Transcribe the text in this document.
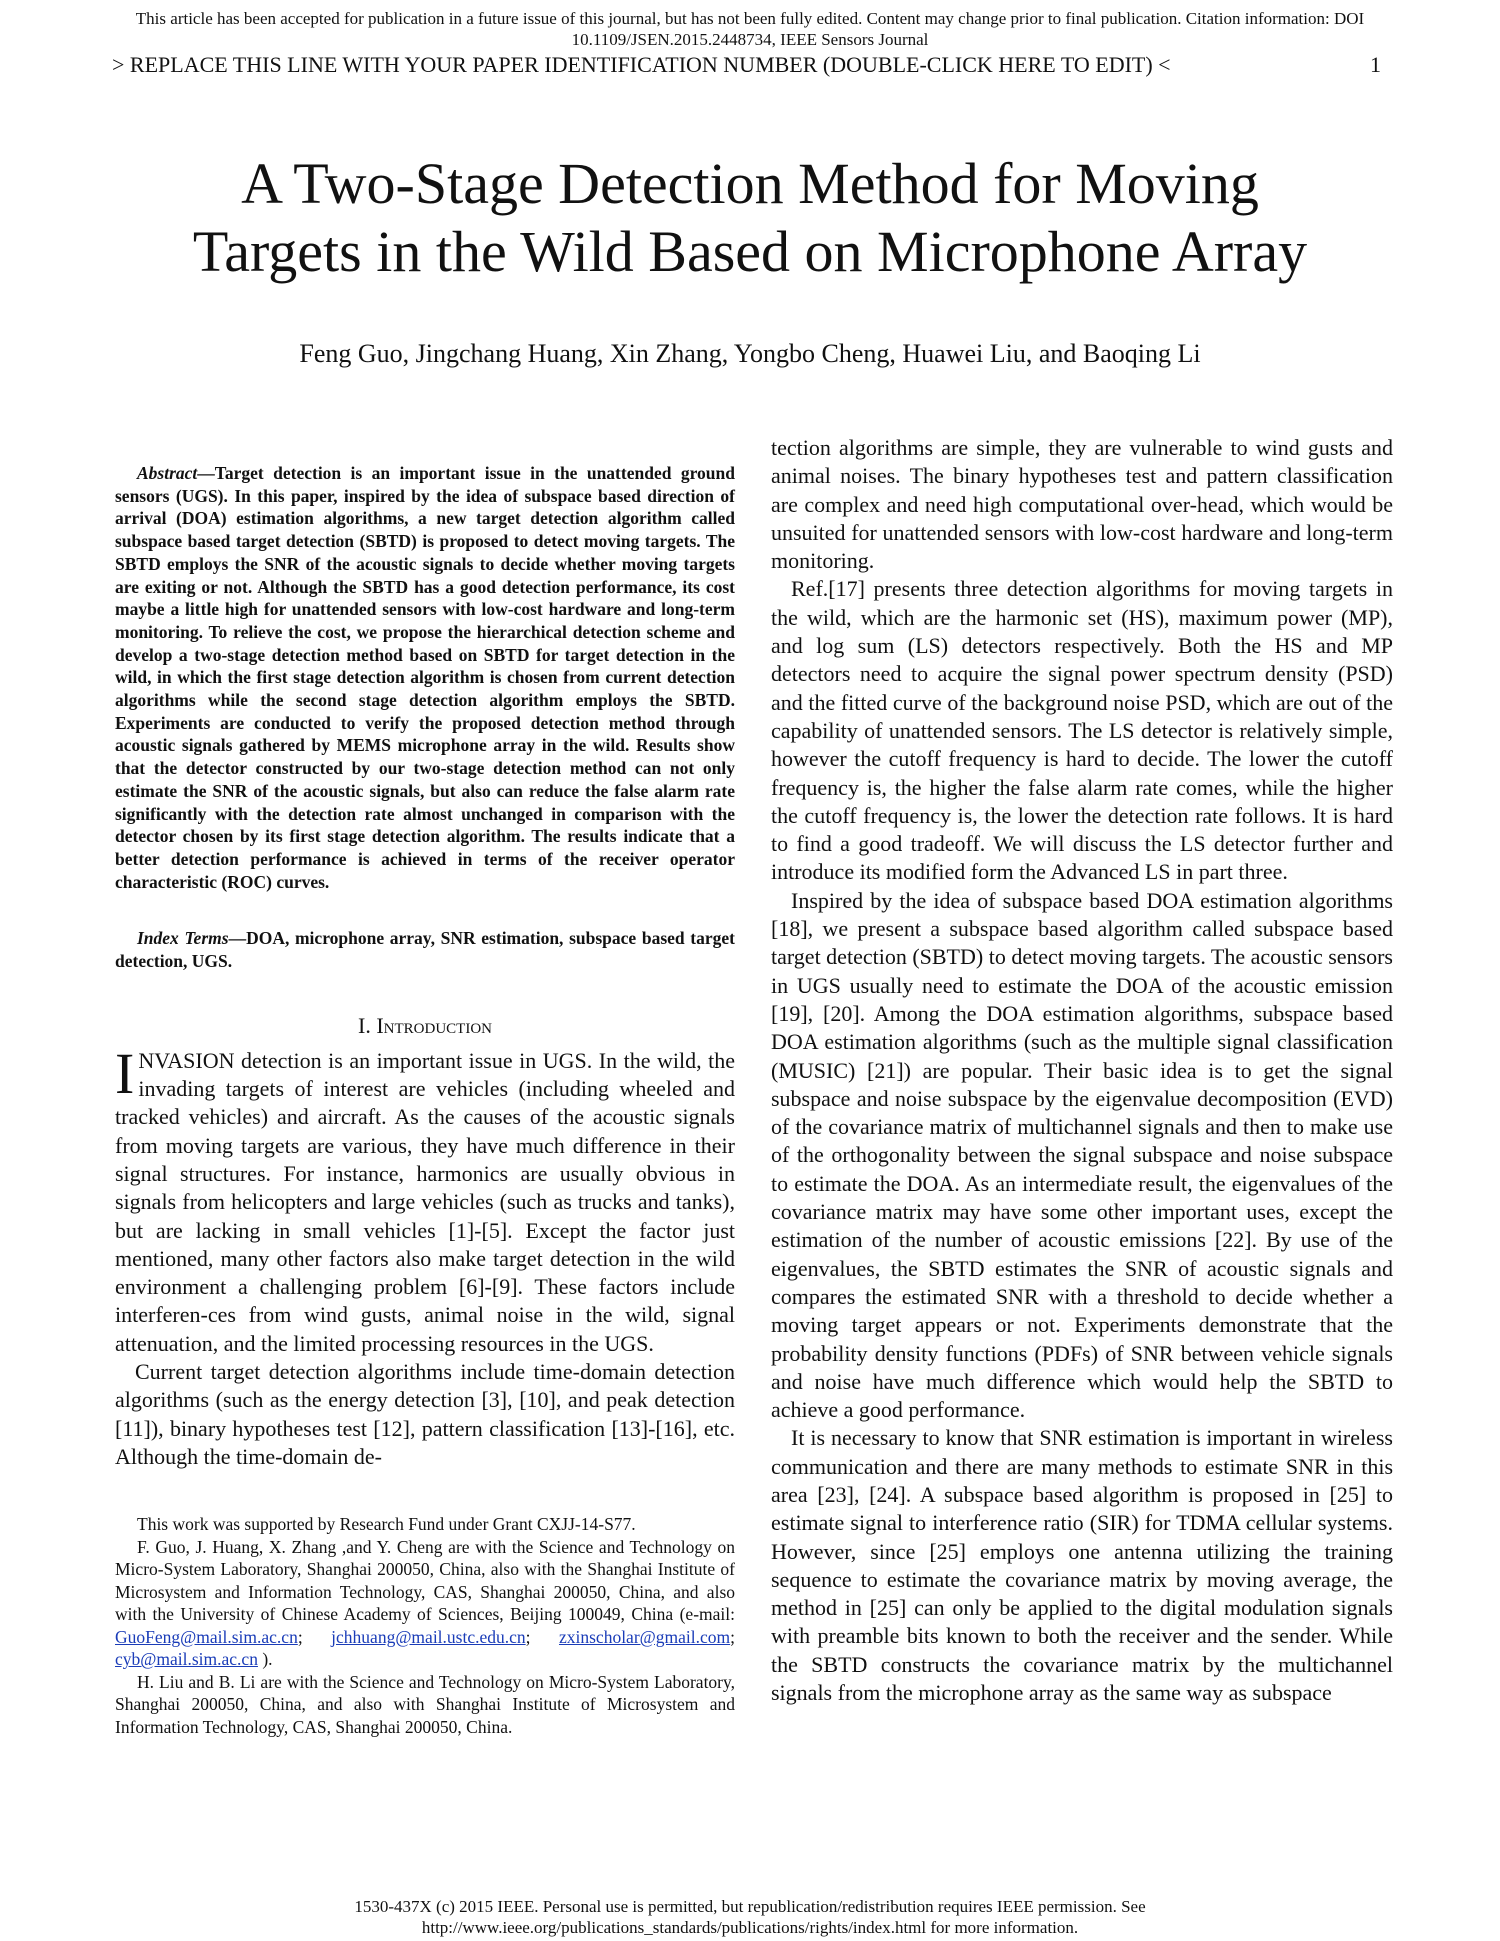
This article has been accepted for publication in a future issue of this journal, but has not been fully edited. Content may change prior to final publication. Citation information: DOI
10.1109/JSEN.2015.2448734, IEEE Sensors Journal
> REPLACE THIS LINE WITH YOUR PAPER IDENTIFICATION NUMBER (DOUBLE-CLICK HERE TO EDIT) <	1
A Two-Stage Detection Method for Moving
Targets in the Wild Based on Microphone Array
Feng Guo, Jingchang Huang, Xin Zhang, Yongbo Cheng, Huawei Liu, and Baoqing Li

Abstract—Target detection is an important issue in the unattended ground sensors (UGS). In this paper, inspired by the idea of subspace based direction of arrival (DOA) estimation algorithms, a new target detection algorithm called subspace based target detection (SBTD) is proposed to detect moving targets. The SBTD employs the SNR of the acoustic signals to decide whether moving targets are exiting or not. Although the SBTD has a good detection performance, its cost maybe a little high for unattended sensors with low-cost hardware and long-term monitoring. To relieve the cost, we propose the hierarchical detection scheme and develop a two-stage detection method based on SBTD for target detection in the wild, in which the first stage detection algorithm is chosen from current detection algorithms while the second stage detection algorithm employs the SBTD. Experiments are conducted to verify the proposed detection method through acoustic signals gathered by MEMS microphone array in the wild. Results show that the detector constructed by our two-stage detection method can not only estimate the SNR of the acoustic signals, but also can reduce the false alarm rate significantly with the detection rate almost unchanged in comparison with the detector chosen by its first stage detection algorithm. The results indicate that a better detection performance is achieved in terms of the receiver operator characteristic (ROC) curves.

Index Terms—DOA, microphone array, SNR estimation, subspace based target detection, UGS.

I. Introduction

INVASION detection is an important issue in UGS. In the wild, the invading targets of interest are vehicles (including wheeled and tracked vehicles) and aircraft. As the causes of the acoustic signals from moving targets are various, they have much difference in their signal structures. For instance, harmonics are usually obvious in signals from helicopters and large vehicles (such as trucks and tanks), but are lacking in small vehicles [1]-[5]. Except the factor just mentioned, many other factors also make target detection in the wild environment a challenging problem [6]-[9]. These factors include interferen-ces from wind gusts, animal noise in the wild, signal attenuation, and the limited processing resources in the UGS.

Current target detection algorithms include time-domain detection algorithms (such as the energy detection [3], [10], and peak detection [11]), binary hypotheses test [12], pattern classification [13]-[16], etc. Although the time-domain de-

This work was supported by Research Fund under Grant CXJJ-14-S77.

F. Guo, J. Huang, X. Zhang ,and Y. Cheng are with the Science and Technology on Micro-System Laboratory, Shanghai 200050, China, also with the Shanghai Institute of Microsystem and Information Technology, CAS, Shanghai 200050, China, and also with the University of Chinese Academy of Sciences, Beijing 100049, China (e-mail: GuoFeng@mail.sim.ac.cn; jchhuang@mail.ustc.edu.cn; zxinscholar@gmail.com; cyb@mail.sim.ac.cn ).

H. Liu and B. Li are with the Science and Technology on Micro-System Laboratory, Shanghai 200050, China, and also with Shanghai Institute of Microsystem and Information Technology, CAS, Shanghai 200050, China.

tection algorithms are simple, they are vulnerable to wind gusts and animal noises. The binary hypotheses test and pattern classification are complex and need high computational over-head, which would be unsuited for unattended sensors with low-cost hardware and long-term monitoring.

Ref.[17] presents three detection algorithms for moving targets in the wild, which are the harmonic set (HS), maximum power (MP), and log sum (LS) detectors respectively. Both the HS and MP detectors need to acquire the signal power spectrum density (PSD) and the fitted curve of the background noise PSD, which are out of the capability of unattended sensors. The LS detector is relatively simple, however the cutoff frequency is hard to decide. The lower the cutoff frequency is, the higher the false alarm rate comes, while the higher the cutoff frequency is, the lower the detection rate follows. It is hard to find a good tradeoff. We will discuss the LS detector further and introduce its modified form the Advanced LS in part three.

Inspired by the idea of subspace based DOA estimation algorithms [18], we present a subspace based algorithm called subspace based target detection (SBTD) to detect moving targets. The acoustic sensors in UGS usually need to estimate the DOA of the acoustic emission [19], [20]. Among the DOA estimation algorithms, subspace based DOA estimation algorithms (such as the multiple signal classification (MUSIC) [21]) are popular. Their basic idea is to get the signal subspace and noise subspace by the eigenvalue decomposition (EVD) of the covariance matrix of multichannel signals and then to make use of the orthogonality between the signal subspace and noise subspace to estimate the DOA. As an intermediate result, the eigenvalues of the covariance matrix may have some other important uses, except the estimation of the number of acoustic emissions [22]. By use of the eigenvalues, the SBTD estimates the SNR of acoustic signals and compares the estimated SNR with a threshold to decide whether a moving target appears or not. Experiments demonstrate that the probability density functions (PDFs) of SNR between vehicle signals and noise have much difference which would help the SBTD to achieve a good performance.

It is necessary to know that SNR estimation is important in wireless communication and there are many methods to estimate SNR in this area [23], [24]. A subspace based algorithm is proposed in [25] to estimate signal to interference ratio (SIR) for TDMA cellular systems. However, since [25] employs one antenna utilizing the training sequence to estimate the covariance matrix by moving average, the method in [25] can only be applied to the digital modulation signals with preamble bits known to both the receiver and the sender. While the SBTD constructs the covariance matrix by the multichannel signals from the microphone array as the same way as subspace

1530-437X (c) 2015 IEEE. Personal use is permitted, but republication/redistribution requires IEEE permission. See
http://www.ieee.org/publications_standards/publications/rights/index.html for more information.
